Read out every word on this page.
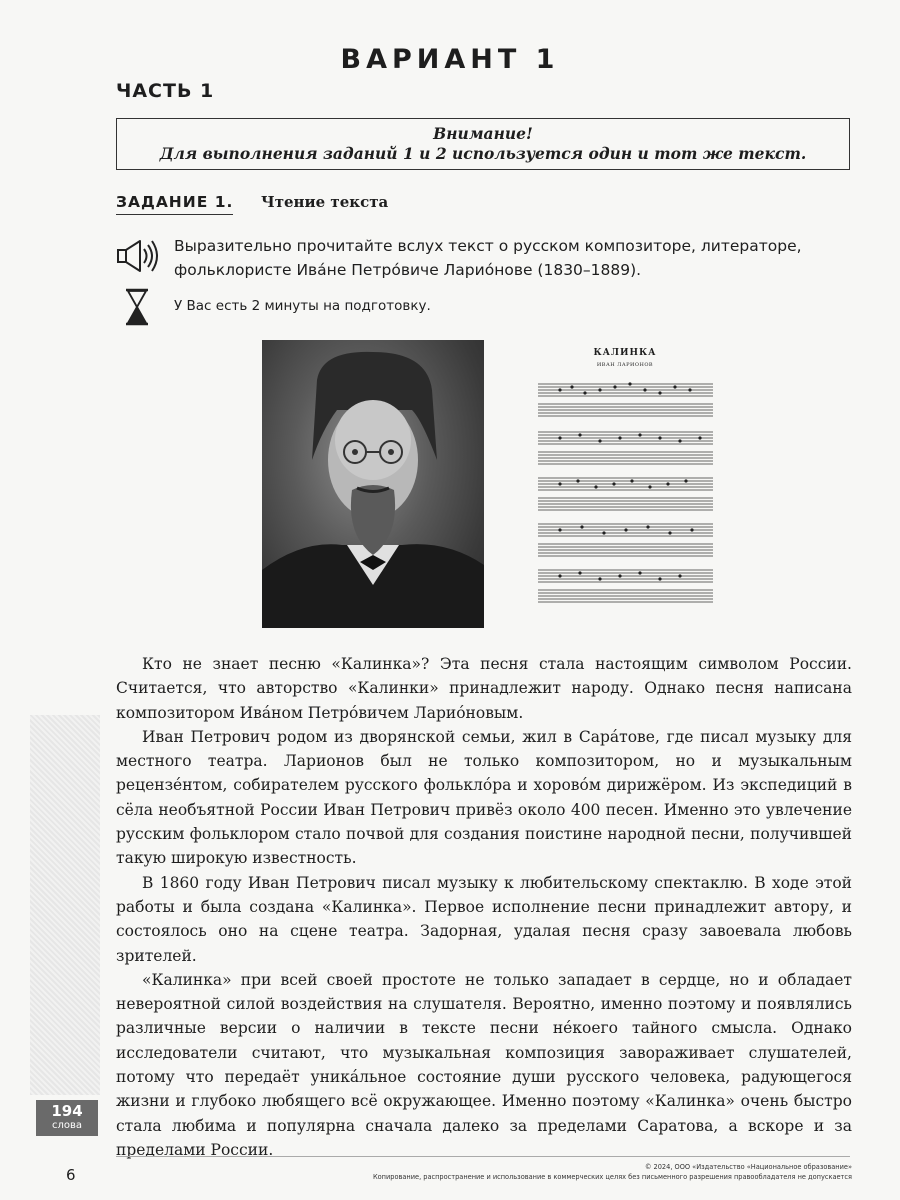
ВАРИАНТ 1
ЧАСТЬ 1
Внимание!
Для выполнения заданий 1 и 2 используется один и тот же текст.
ЗАДАНИЕ 1. Чтение текста
Выразительно прочитайте вслух текст о русском композиторе, литераторе, фольклористе Ива́не Петро́виче Ларио́нове (1830–1889).
У Вас есть 2 минуты на подготовку.
КАЛИНКА
ИВАН ЛАРИОНОВ

Кто не знает песню «Калинка»? Эта песня стала настоящим символом России. Считается, что авторство «Калинки» принадлежит народу. Однако песня написана композитором Ива́ном Петро́вичем Ларио́новым.

Иван Петрович родом из дворянской семьи, жил в Сара́тове, где писал музыку для местного театра. Ларионов был не только композитором, но и музыкальным рецензе́нтом, собирателем русского фолькло́ра и хорово́м дирижёром. Из экспедиций в сёла необъятной России Иван Петрович привёз около 400 песен. Именно это увлечение русским фольклором стало почвой для создания поистине народной песни, получившей такую широкую известность.

В 1860 году Иван Петрович писал музыку к любительскому спектаклю. В ходе этой работы и была создана «Калинка». Первое исполнение песни принадлежит автору, и состоялось оно на сцене театра. Задорная, удалая песня сразу завоевала любовь зрителей.

«Калинка» при всей своей простоте не только западает в сердце, но и обладает невероятной силой воздействия на слушателя. Вероятно, именно поэтому и появлялись различные версии о наличии в тексте песни не́коего тайного смысла. Однако исследователи считают, что музыкальная композиция завораживает слушателей, потому что передаёт уника́льное состояние души русского человека, радующегося жизни и глубоко любящего всё окружающее. Именно поэтому «Калинка» очень быстро стала любима и популярна сначала далеко за пределами Саратова, а вскоре и за пределами России.

194
слова
6	© 2024, ООО «Издательство «Национальное образование»
Копирование, распространение и использование в коммерческих целях без письменного разрешения правообладателя не допускается
